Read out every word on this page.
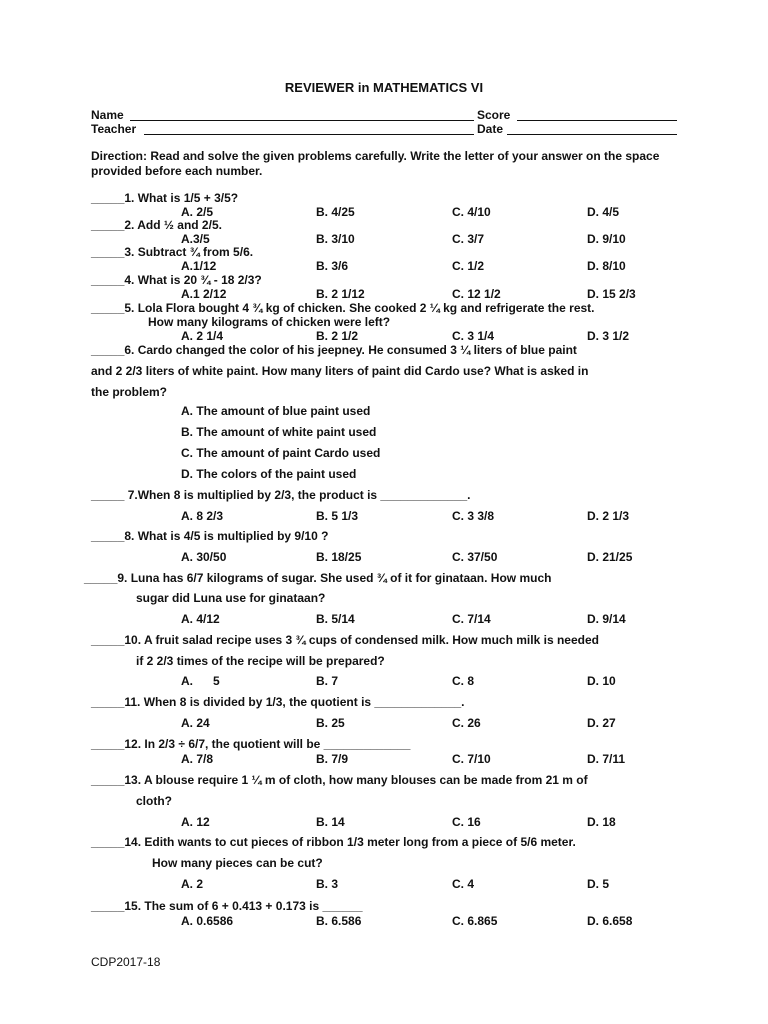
REVIEWER in MATHEMATICS VI
Name	Score
Teacher	Date
Direction: Read and solve the given problems carefully. Write the letter of your answer on the space provided before each number.
_____1. What is 1/5 + 3/5?
A. 2/5	B. 4/25	C. 4/10	D. 4/5
_____2. Add ½ and 2/5.
A.3/5	B. 3/10	C. 3/7	D. 9/10
_____3. Subtract ¾ from 5/6.
A.1/12	B. 3/6	C. 1/2	D. 8/10
_____4. What is 20 ¾ - 18 2/3?
A.1 2/12	B. 2 1/12	C. 12 1/2	D. 15 2/3
_____5. Lola Flora bought 4 ¾ kg of chicken. She cooked 2 ¼ kg and refrigerate the rest.
How many kilograms of chicken were left?
A. 2 1/4	B. 2 1/2	C. 3 1/4	D. 3 1/2
_____6. Cardo changed the color of his jeepney. He consumed 3 ¼ liters of blue paint
and 2 2/3 liters of white paint. How many liters of paint did Cardo use? What is asked in
the problem?
A. The amount of blue paint used
B. The amount of white paint used
C. The amount of paint Cardo used
D. The colors of the paint used
_____ 7.When 8 is multiplied by 2/3, the product is _____________.
A. 8 2/3	B. 5 1/3	C. 3 3/8	D. 2 1/3
_____8. What is 4/5 is multiplied by 9/10 ?
A. 30/50	B. 18/25	C. 37/50	D. 21/25
_____9. Luna has 6/7 kilograms of sugar. She used ¾ of it for ginataan. How much
sugar did Luna use for ginataan?
A. 4/12	B. 5/14	C. 7/14	D. 9/14
_____10. A fruit salad recipe uses 3 ¾ cups of condensed milk. How much milk is needed
if 2 2/3 times of the recipe will be prepared?
A.      5	B. 7	C. 8	D. 10
_____11. When 8 is divided by 1/3, the quotient is _____________.
A. 24	B. 25	C. 26	D. 27
_____12. In 2/3 ÷ 6/7, the quotient will be _____________
A. 7/8	B. 7/9	C. 7/10	D. 7/11
_____13. A blouse require 1 ¼ m of cloth, how many blouses can be made from 21 m of
cloth?
A. 12	B. 14	C. 16	D. 18
_____14. Edith wants to cut pieces of ribbon 1/3 meter long from a piece of 5/6 meter.
How many pieces can be cut?
A. 2	B. 3	C. 4	D. 5
_____15. The sum of 6 + 0.413 + 0.173 is ______
A. 0.6586	B. 6.586	C. 6.865	D. 6.658
CDP2017-18
